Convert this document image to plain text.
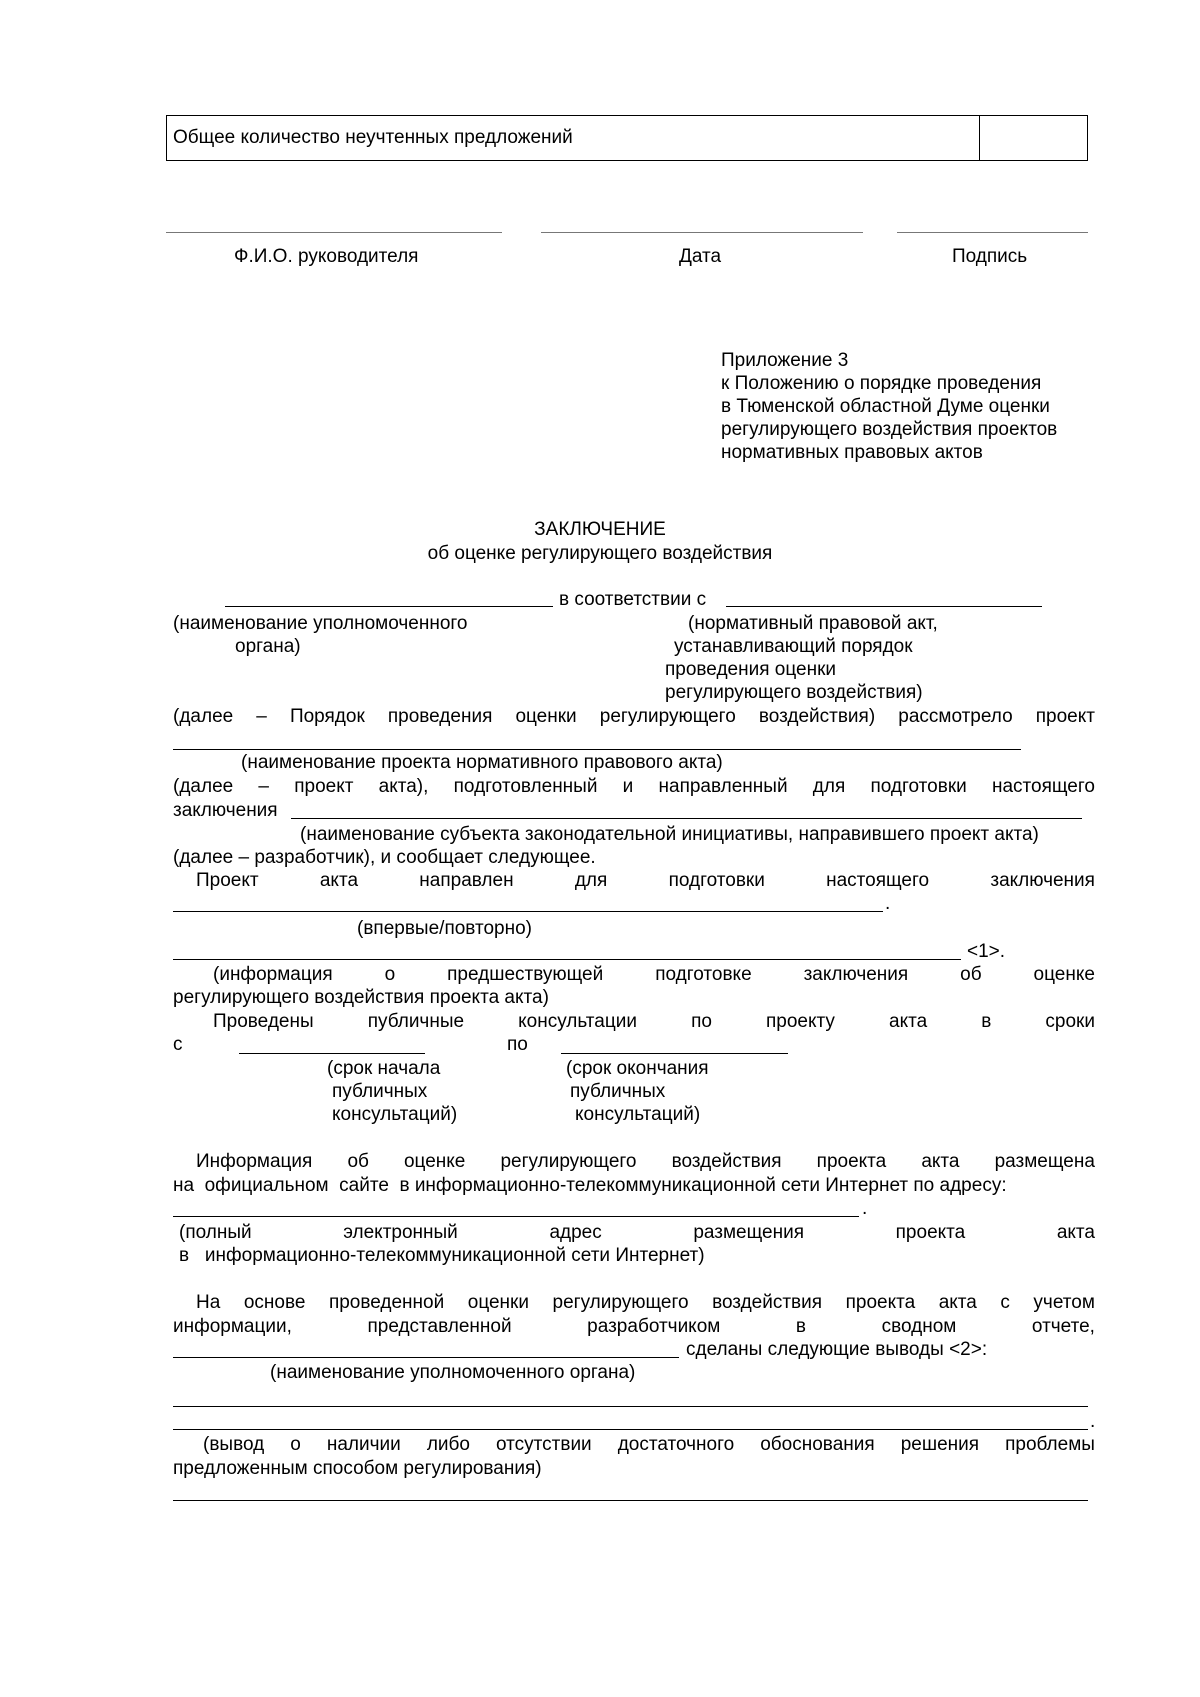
Общее количество неучтенных предложений	
Ф.И.О. руководителя	Дата	Подпись
Приложение 3
к Положению о порядке проведения
в Тюменской областной Думе оценки
регулирующего воздействия проектов
нормативных правовых актов
ЗАКЛЮЧЕНИЕ
об оценке регулирующего воздействия
в соответствии с
(наименование уполномоченного
органа)
(нормативный правовой акт,
устанавливающий порядок
проведения оценки
регулирующего воздействия)
(далее – Порядок проведения оценки регулирующего воздействия) рассмотрело проект
(наименование проекта нормативного правового акта)
(далее – проект акта), подготовленный и направленный для подготовки настоящего
заключения
(наименование субъекта законодательной инициативы, направившего проект акта)
(далее – разработчик), и сообщает следующее.
Проект	акта	направлен	для	подготовки	настоящего	заключения
.
(впервые/повторно)
<1>.
(информация	о	предшествующей	подготовке	заключения	об	оценке
регулирующего воздействия проекта акта)
Проведены	публичные	консультации	по	проекту	акта	в	сроки
с	по
(срок начала
публичных
консультаций)
(срок окончания
публичных
консультаций)
Информация об оценке регулирующего воздействия проекта акта размещена
на  официальном  сайте  в информационно-телекоммуникационной сети Интернет по адресу:
.
(полный	электронный	адрес	размещения	проекта	акта
в   информационно-телекоммуникационной сети Интернет)
На основе проведенной оценки регулирующего воздействия проекта акта с учетом
информации,	представленной	разработчиком	в	сводном	отчете,
сделаны следующие выводы <2>:
(наименование уполномоченного органа)
.
(вывод о наличии либо отсутствии достаточного обоснования решения проблемы
предложенным способом регулирования)
